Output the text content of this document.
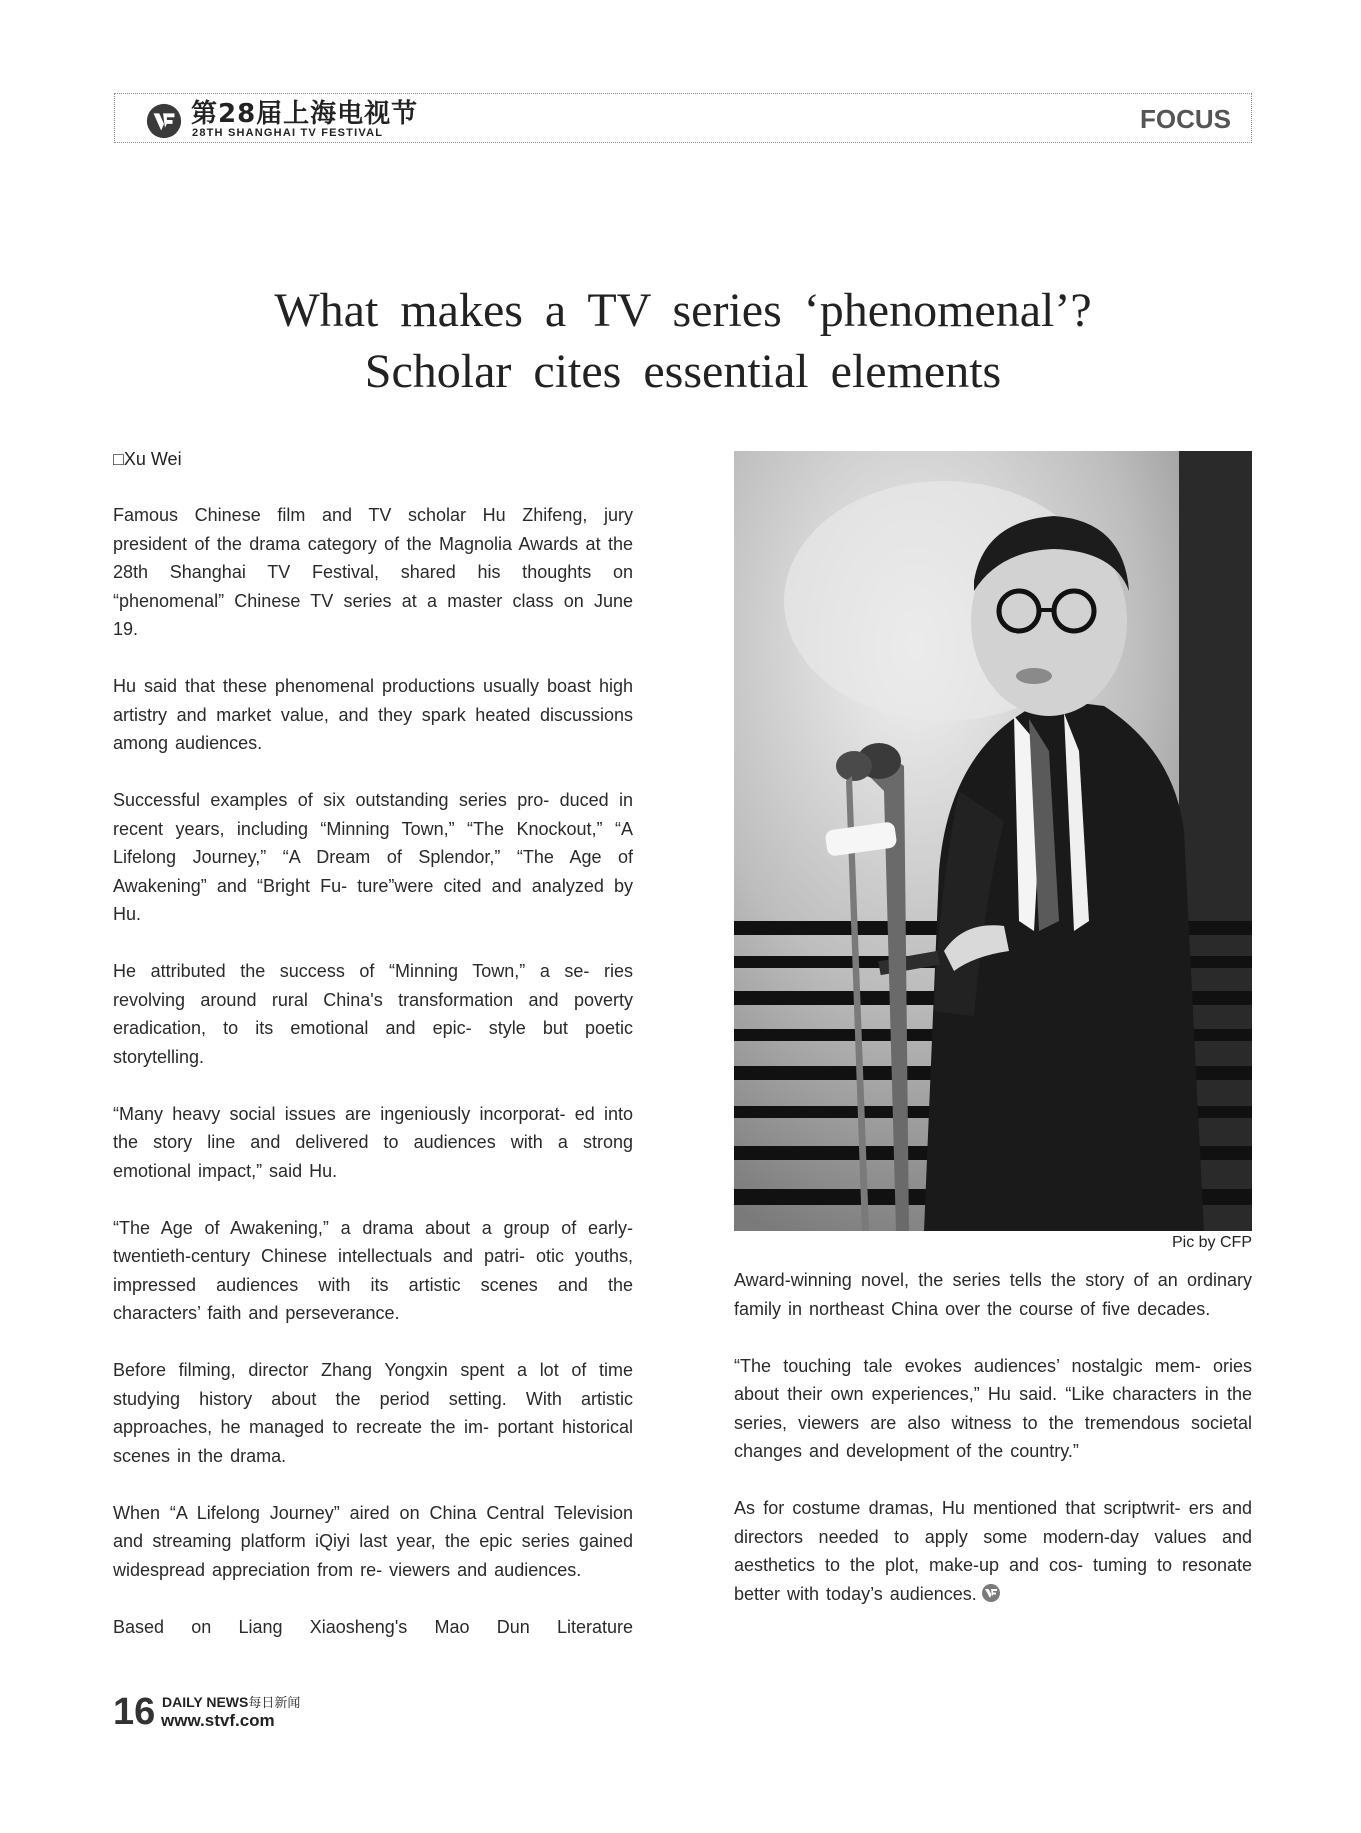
第28届上海电视节
28TH SHANGHAI TV FESTIVAL	FOCUS
What makes a TV series ‘phenomenal’?
Scholar cites essential elements
□Xu Wei

Famous Chinese film and TV scholar Hu Zhifeng, jury president of the drama category of the Magnolia Awards at the 28th Shanghai TV Festival, shared his thoughts on “phenomenal” Chinese TV series at a master class on June 19.

Hu said that these phenomenal productions usually boast high artistry and market value, and they spark heated discussions among audiences.

Successful examples of six outstanding series pro- duced in recent years, including “Minning Town,” “The Knockout,” “A Lifelong Journey,” “A Dream of Splendor,” “The Age of Awakening” and “Bright Fu- ture”were cited and analyzed by Hu.

He attributed the success of “Minning Town,” a se- ries revolving around rural China's transformation and poverty eradication, to its emotional and epic- style but poetic storytelling.

“Many heavy social issues are ingeniously incorporat- ed into the story line and delivered to audiences with a strong emotional impact,” said Hu.

“The Age of Awakening,” a drama about a group of early-twentieth-century Chinese intellectuals and patri- otic youths, impressed audiences with its artistic scenes and the characters’ faith and perseverance.

Before filming, director Zhang Yongxin spent a lot of time studying history about the period setting. With artistic approaches, he managed to recreate the im- portant historical scenes in the drama.

When “A Lifelong Journey” aired on China Central Television and streaming platform iQiyi last year, the epic series gained widespread appreciation from re- viewers and audiences.

Based on Liang Xiaosheng's Mao Dun Literature

Pic by CFP

Award-winning novel, the series tells the story of an ordinary family in northeast China over the course of five decades.

“The touching tale evokes audiences’ nostalgic mem- ories about their own experiences,” Hu said. “Like characters in the series, viewers are also witness to the tremendous societal changes and development of the country.”

As for costume dramas, Hu mentioned that scriptwrit- ers and directors needed to apply some modern-day values and aesthetics to the plot, make-up and cos- tuming to resonate better with today’s audiences.

16 DAILY NEWS每日新闻
www.stvf.com
